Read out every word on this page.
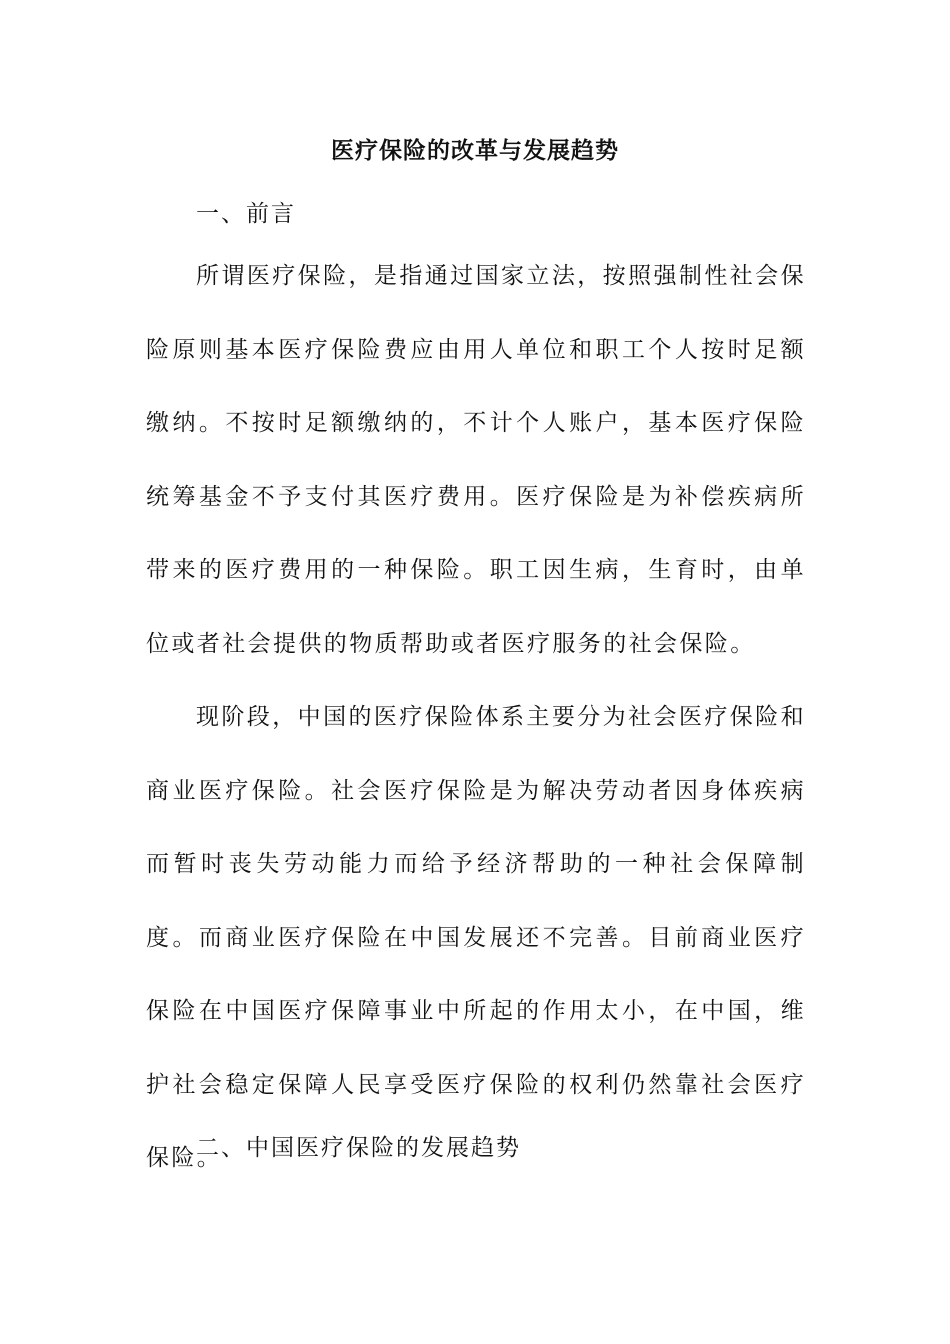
医疗保险的改革与发展趋势
一、前言

所谓医疗保险，是指通过国家立法，按照强制性社会保险原则基本医疗保险费应由用人单位和职工个人按时足额缴纳。不按时足额缴纳的，不计个人账户，基本医疗保险统筹基金不予支付其医疗费用。医疗保险是为补偿疾病所带来的医疗费用的一种保险。职工因生病，生育时，由单位或者社会提供的物质帮助或者医疗服务的社会保险。

现阶段，中国的医疗保险体系主要分为社会医疗保险和商业医疗保险。社会医疗保险是为解决劳动者因身体疾病而暂时丧失劳动能力而给予经济帮助的一种社会保障制度。而商业医疗保险在中国发展还不完善。目前商业医疗保险在中国医疗保障事业中所起的作用太小，在中国，维护社会稳定保障人民享受医疗保险的权利仍然靠社会医疗保险。

二、中国医疗保险的发展趋势
